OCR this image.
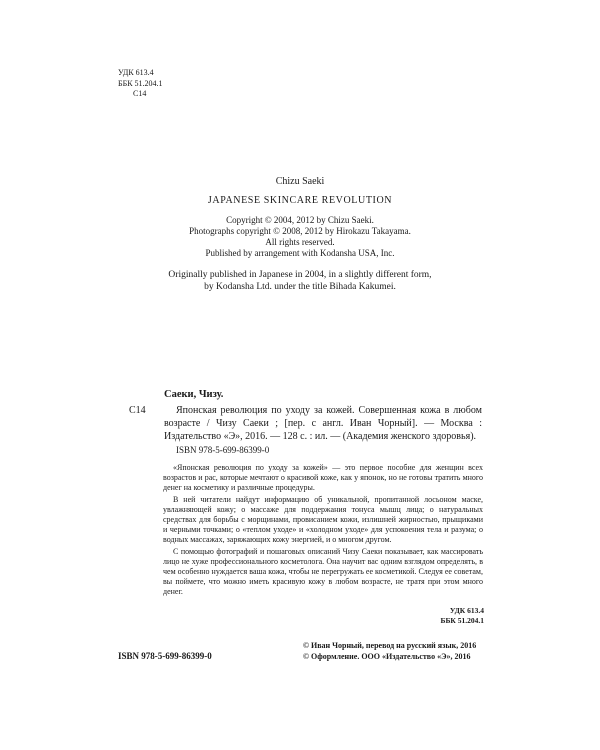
УДК 613.4
ББК 51.204.1
С14
Chizu Saeki
JAPANESE SKINCARE REVOLUTION
Copyright © 2004, 2012 by Chizu Saeki.
Photographs copyright © 2008, 2012 by Hirokazu Takayama.
All rights reserved.
Published by arrangement with Kodansha USA, Inc.
Originally published in Japanese in 2004, in a slightly different form,
by Kodansha Ltd. under the title Bihada Kakumei.
Саеки, Чизу.
С14	Японская революция по уходу за кожей. Совершенная кожа в любом возрасте / Чизу Саеки ; [пер. с англ. Иван Чорный]. — Москва : Издательство «Э», 2016. — 128 с. : ил. — (Академия женского здоровья).

ISBN 978-5-699-86399-0

«Японская революция по уходу за кожей» — это первое пособие для женщин всех возрастов и рас, которые мечтают о красивой коже, как у японок, но не готовы тратить много денег на косметику и различные процедуры.

В ней читатели найдут информацию об уникальной, пропитанной лосьоном маске, увлажняющей кожу; о массаже для поддержания тонуса мышц лица; о натуральных средствах для борьбы с морщинами, провисанием кожи, излишней жирностью, прыщиками и черными точками; о «теплом уходе» и «холодном уходе» для успокоения тела и разума; о водных массажах, заряжающих кожу энергией, и о многом другом.

С помощью фотографий и пошаговых описаний Чизу Саеки показывает, как массировать лицо не хуже профессионального косметолога. Она научит вас одним взглядом определять, в чем особенно нуждается ваша кожа, чтобы не перегружать ее косметикой. Следуя ее советам, вы поймете, что можно иметь красивую кожу в любом возрасте, не тратя при этом много денег.

УДК 613.4
ББК 51.204.1
ISBN 978-5-699-86399-0
© Иван Чорный, перевод на русский язык, 2016
© Оформление. ООО «Издательство «Э», 2016
